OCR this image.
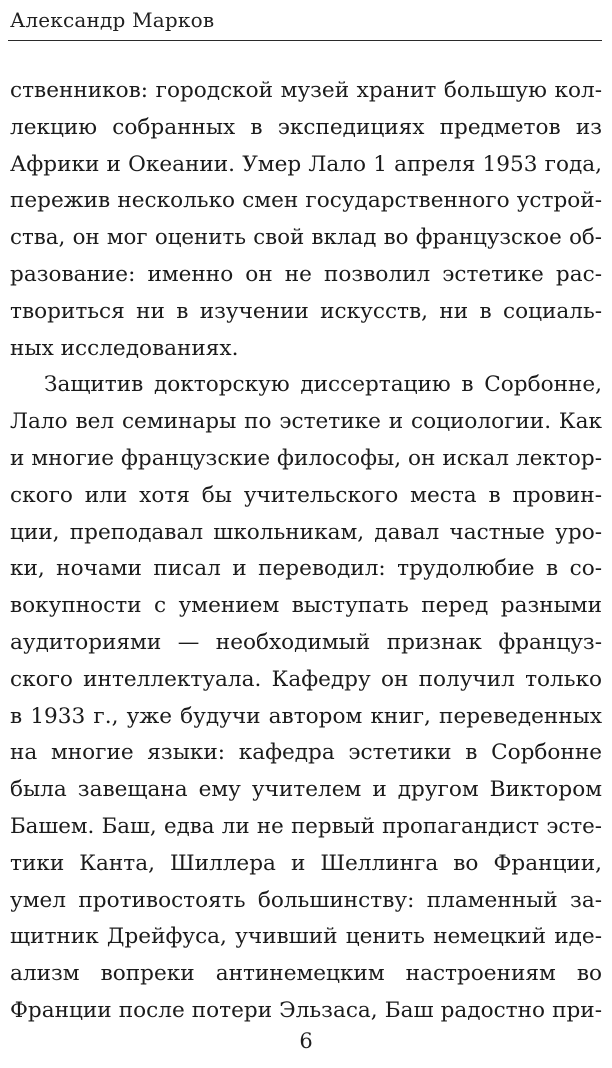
Александр Марков
ственников: городской музей хранит большую кол-
лекцию собранных в экспедициях предметов из
Африки и Океании. Умер Лало 1 апреля 1953 года,
пережив несколько смен государственного устрой-
ства, он мог оценить свой вклад во французское об-
разование: именно он не позволил эстетике рас-
твориться ни в изучении искусств, ни в социаль-
ных исследованиях.
Защитив докторскую диссертацию в Сорбонне,
Лало вел семинары по эстетике и социологии. Как
и многие французские философы, он искал лектор-
ского или хотя бы учительского места в провин-
ции, преподавал школьникам, давал частные уро-
ки, ночами писал и переводил: трудолюбие в со-
вокупности с умением выступать перед разными
аудиториями — необходимый признак француз-
ского интеллектуала. Кафедру он получил только
в 1933 г., уже будучи автором книг, переведенных
на многие языки: кафедра эстетики в Сорбонне
была завещана ему учителем и другом Виктором
Башем. Баш, едва ли не первый пропагандист эсте-
тики Канта, Шиллера и Шеллинга во Франции,
умел противостоять большинству: пламенный за-
щитник Дрейфуса, учивший ценить немецкий иде-
ализм вопреки антинемецким настроениям во
Франции после потери Эльзаса, Баш радостно при-
6
